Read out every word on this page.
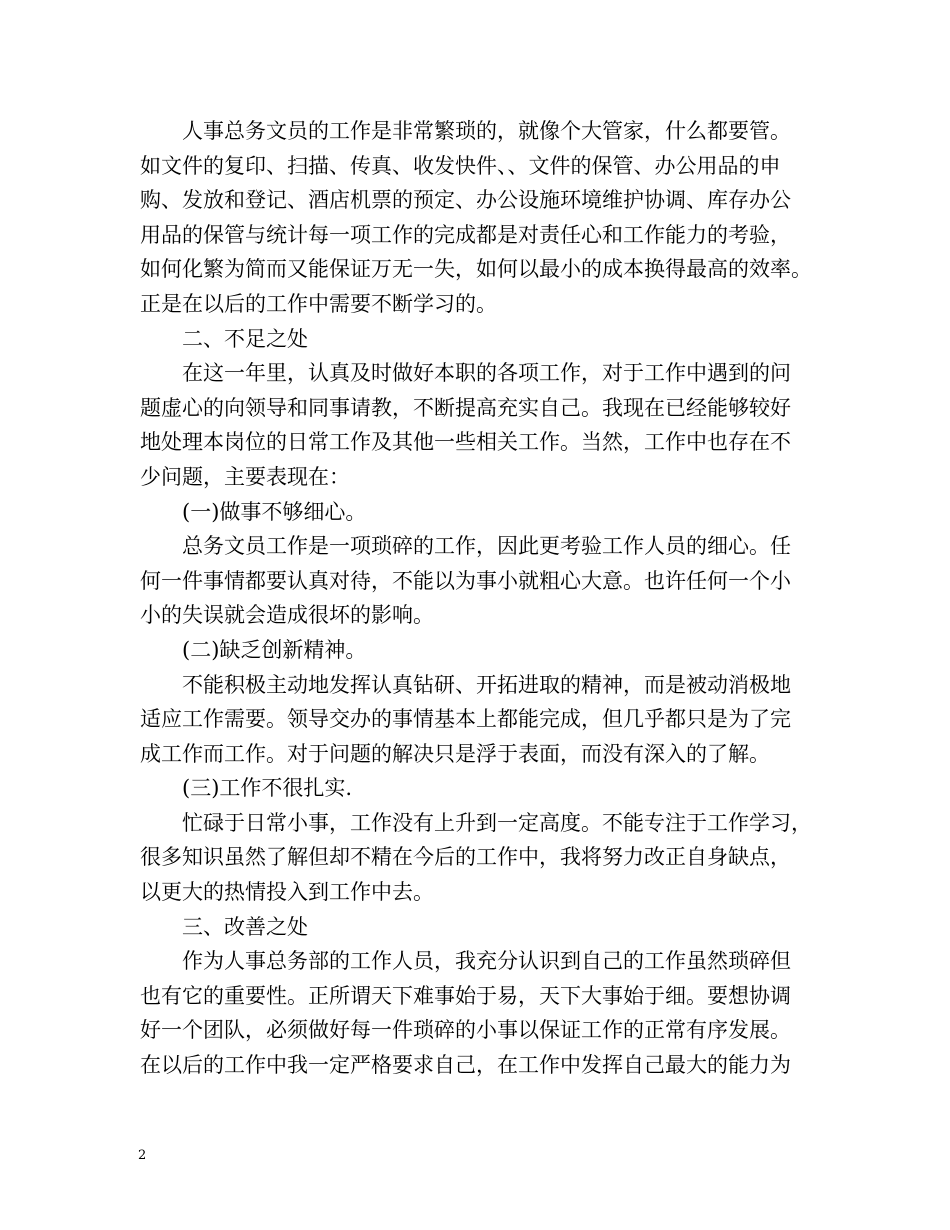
人事总务文员的工作是非常繁琐的，就像个大管家，什么都要管。
如文件的复印、扫描、传真、收发快件、、文件的保管、办公用品的申
购、发放和登记、酒店机票的预定、办公设施环境维护协调、库存办公
用品的保管与统计每一项工作的完成都是对责任心和工作能力的考验，
如何化繁为简而又能保证万无一失，如何以最小的成本换得最高的效率。
正是在以后的工作中需要不断学习的。
二、不足之处
在这一年里，认真及时做好本职的各项工作，对于工作中遇到的问
题虚心的向领导和同事请教，不断提高充实自己。我现在已经能够较好
地处理本岗位的日常工作及其他一些相关工作。当然，工作中也存在不
少问题，主要表现在：
(一)做事不够细心。
总务文员工作是一项琐碎的工作，因此更考验工作人员的细心。任
何一件事情都要认真对待，不能以为事小就粗心大意。也许任何一个小
小的失误就会造成很坏的影响。
(二)缺乏创新精神。
不能积极主动地发挥认真钻研、开拓进取的精神，而是被动消极地
适应工作需要。领导交办的事情基本上都能完成，但几乎都只是为了完
成工作而工作。对于问题的解决只是浮于表面，而没有深入的了解。
(三)工作不很扎实.
忙碌于日常小事，工作没有上升到一定高度。不能专注于工作学习，
很多知识虽然了解但却不精在今后的工作中，我将努力改正自身缺点，
以更大的热情投入到工作中去。
三、改善之处
作为人事总务部的工作人员，我充分认识到自己的工作虽然琐碎但
也有它的重要性。正所谓天下难事始于易，天下大事始于细。要想协调
好一个团队，必须做好每一件琐碎的小事以保证工作的正常有序发展。
在以后的工作中我一定严格要求自己，在工作中发挥自己最大的能力为
2
